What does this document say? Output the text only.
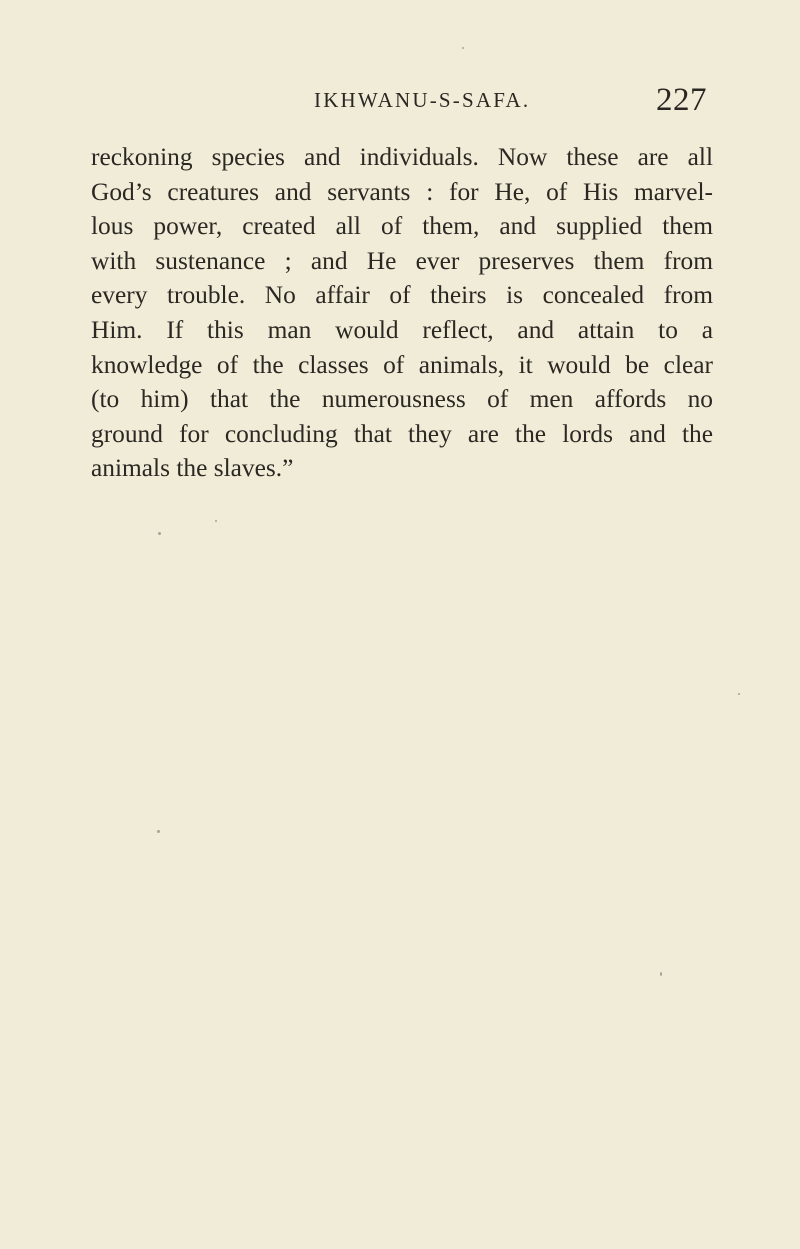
IKHWANU-S-SAFA.	227
reckoning species and individuals. Now these are all
God’s creatures and servants : for He, of His marvel-
lous power, created all of them, and supplied them
with sustenance ; and He ever preserves them from
every trouble. No affair of theirs is concealed from
Him. If this man would reflect, and attain to a
knowledge of the classes of animals, it would be clear
(to him) that the numerousness of men affords no
ground for concluding that they are the lords and the
animals the slaves.”
